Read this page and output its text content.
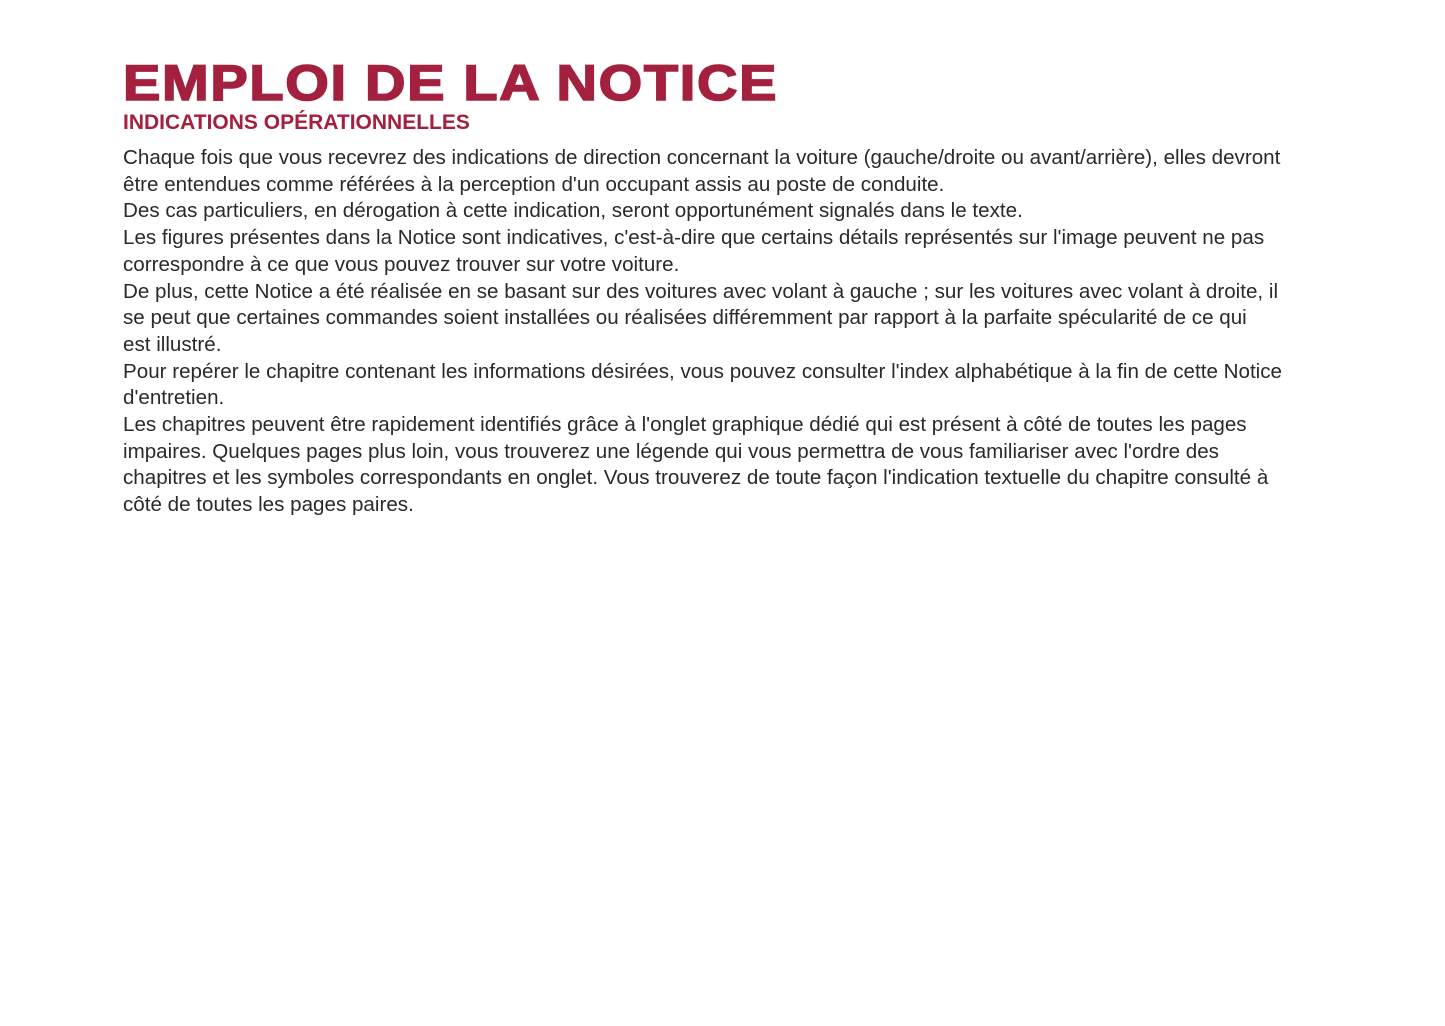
EMPLOI DE LA NOTICE
INDICATIONS OPÉRATIONNELLES
Chaque fois que vous recevrez des indications de direction concernant la voiture (gauche/droite ou avant/arrière), elles devront
être entendues comme référées à la perception d'un occupant assis au poste de conduite.
Des cas particuliers, en dérogation à cette indication, seront opportunément signalés dans le texte.
Les figures présentes dans la Notice sont indicatives, c'est-à-dire que certains détails représentés sur l'image peuvent ne pas
correspondre à ce que vous pouvez trouver sur votre voiture.
De plus, cette Notice a été réalisée en se basant sur des voitures avec volant à gauche ; sur les voitures avec volant à droite, il
se peut que certaines commandes soient installées ou réalisées différemment par rapport à la parfaite spécularité de ce qui
est illustré.
Pour repérer le chapitre contenant les informations désirées, vous pouvez consulter l'index alphabétique à la fin de cette Notice
d'entretien.
Les chapitres peuvent être rapidement identifiés grâce à l'onglet graphique dédié qui est présent à côté de toutes les pages
impaires. Quelques pages plus loin, vous trouverez une légende qui vous permettra de vous familiariser avec l'ordre des
chapitres et les symboles correspondants en onglet. Vous trouverez de toute façon l'indication textuelle du chapitre consulté à
côté de toutes les pages paires.
